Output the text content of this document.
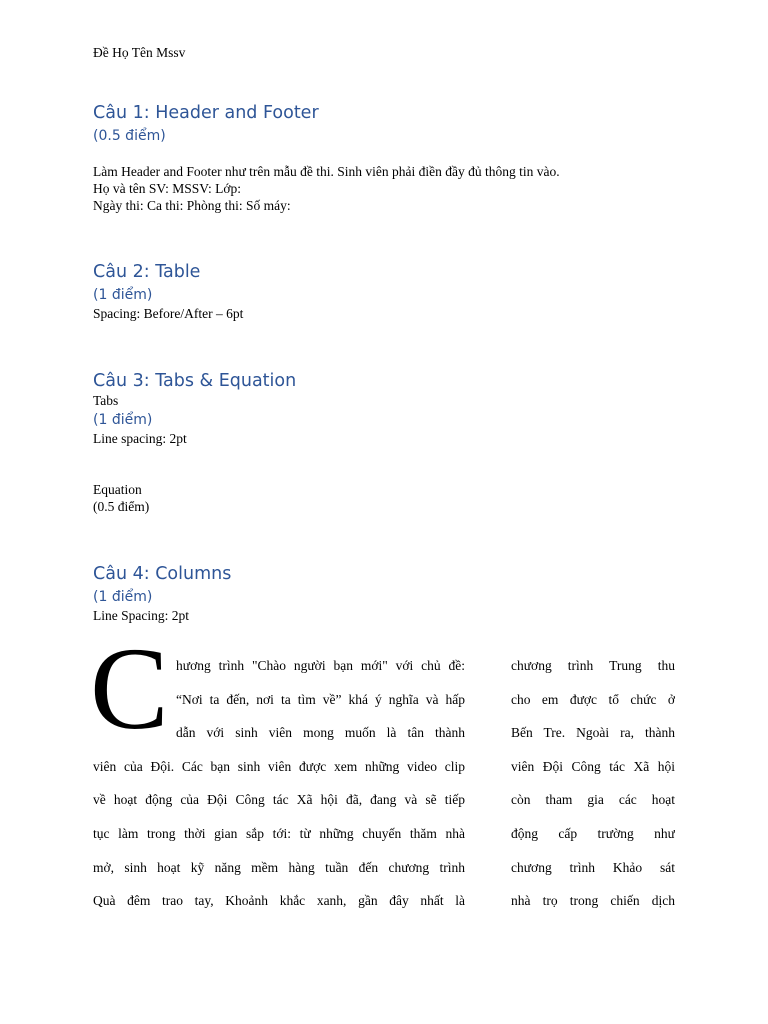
Đề Họ Tên Mssv

Câu 1: Header and Footer

(0.5 điểm)

Làm Header and Footer như trên mẫu đề thi. Sinh viên phải điền đầy đủ thông tin vào.

Họ và tên SV: MSSV: Lớp:

Ngày thi: Ca thi: Phòng thi: Số máy:

Câu 2: Table

(1 điểm)

Spacing: Before/After – 6pt

Câu 3: Tabs & Equation

Tabs

(1 điểm)

Line spacing: 2pt

Equation

(0.5 điểm)

Câu 4: Columns

(1 điểm)

Line Spacing: 2pt

C hương trình "Chào người bạn mới" với chủ đề:
“Nơi ta đến, nơi ta tìm về” khá ý nghĩa và hấp
dẫn với sinh viên mong muốn là tân thành
viên của Đội. Các bạn sinh viên được xem những video clip
về hoạt động của Đội Công tác Xã hội đã, đang và sẽ tiếp
tục làm trong thời gian sắp tới: từ những chuyến thăm nhà
mở, sinh hoạt kỹ năng mềm hàng tuần đến chương trình
Quà đêm trao tay, Khoảnh khắc xanh, gần đây nhất là
chương trình Trung thu
cho em được tổ chức ở
Bến Tre. Ngoài ra, thành
viên Đội Công tác Xã hội
còn tham gia các hoạt
động cấp trường như
chương trình Khảo sát
nhà trọ trong chiến dịch
